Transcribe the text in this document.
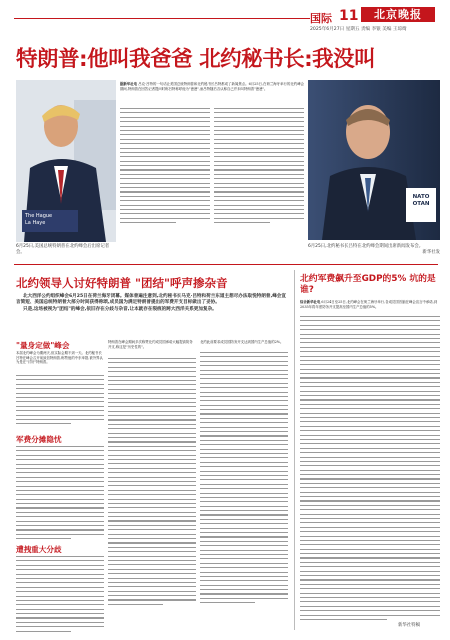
国际 11	北京晚报
2025年6月27日 星期五 责编 李银 美编 王琼绮
特朗普:他叫我爸爸 北约秘书长:我没叫
The Hague
La Haye
6月25日,美国总统特朗普在北约峰会后出席记者会。

据新华社电 吕克·吕特的一句话让美国总统特朗普和北约秘书长吕特都成了新闻焦点。6月25日,在荷兰海牙举行的北约峰会期间,特朗普在回答记者提问时称吕特称呼他为"爸爸",而吕特随后否认称自己并未叫特朗普"爸爸"。

NATO
OTAN
6月25日,北约秘书长吕特在北约峰会期间出席新闻发布会。
新华社发
北约领导人讨好特朗普 "团结"呼声掺杂音

北大西洋公约组织峰会6月25日在荷兰海牙闭幕。媒体普遍注意到,北约秘书长马克·吕特和荷兰东道主想尽办法取悦特朗普,峰会宣言简短、美国总统特朗普大部分时间获得称颂,成员国为满足特朗普提出的军费开支目标做出了妥协。

只是,这场被视为"团结"的峰会,依旧存在分歧与杂音,让本就存在裂痕的跨大西洋关系更加复杂。

"量身定做"峰会
本届北约峰会为期两天,但实际会期不到一天。北约秘书长吕特在峰会召开前致信特朗普,称赞他的中东举措,被外界认为是在"讨好"特朗普。
军费分摊隐忧
遭拽重大分歧
特朗普在峰会期间多次称赞北约成员国承诺大幅提高防务开支,称这是"历史性的"。
北约此前要求成员国防务开支达到国内生产总值的2%。
北约军费飙升至GDP的5% 坑的是谁?
综合新华社电 6月24日至25日,北约峰会在荷兰海牙举行,各成员国首脑在峰会宣言中承诺,到2035年将年度防务开支提高至国内生产总值的5%。
新华社特稿
